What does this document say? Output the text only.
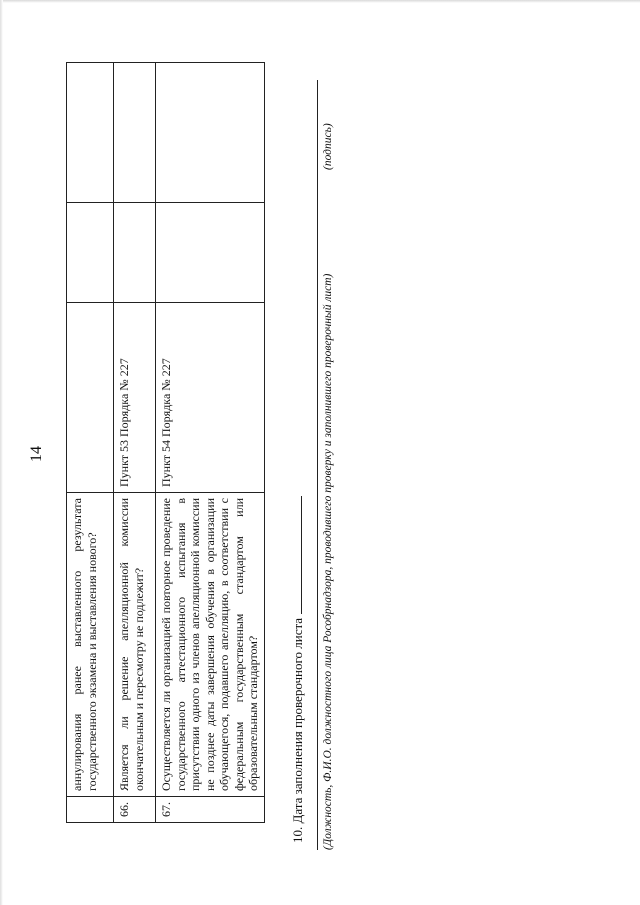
14
	аннулирования ранее выставленного результата государственного экзамена и выставления нового?			
66.	Является ли решение апелляционной комиссии окончательным и пересмотру не подлежит?	Пункт 53 Порядка № 227		
67.	Осуществляется ли организацией повторное проведение государственного аттестационного испытания в присутствии одного из членов апелляционной комиссии не позднее даты завершения обучения в организации обучающегося, подавшего апелляцию, в соответствии с федеральным государственным стандартом или образовательным стандартом?	Пункт 54 Порядка № 227		
10. Дата заполнения проверочного листа (Должность, Ф.И.О. должностного лица Рособрнадзора, проводившего проверку и заполнившего проверочный лист)
(подпись)
